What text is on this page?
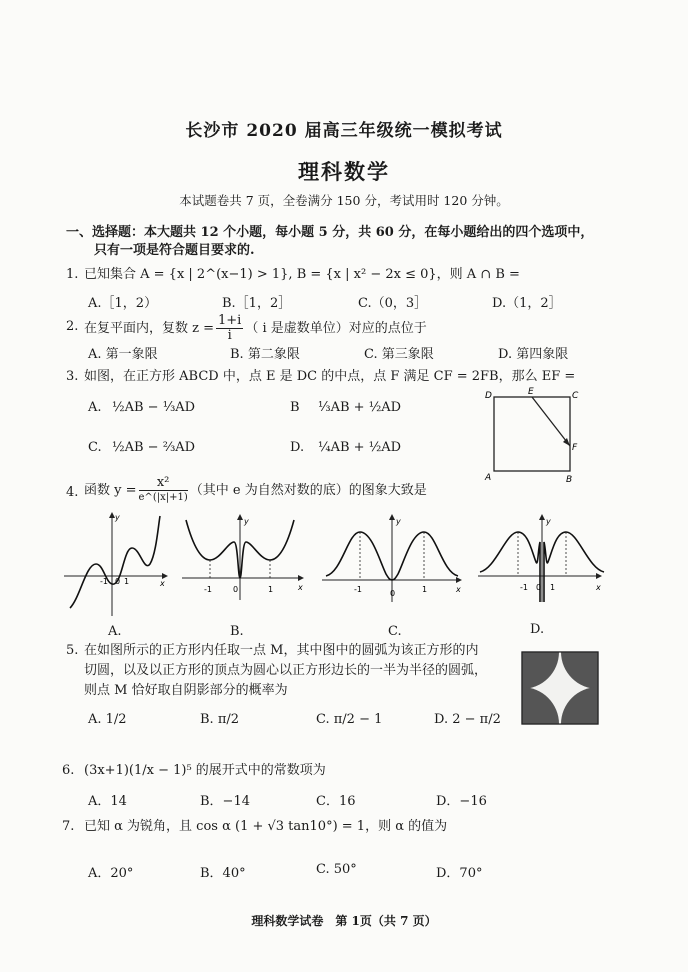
长沙市 2020 届高三年级统一模拟考试
理科数学
本试题卷共 7 页，全卷满分 150 分，考试用时 120 分钟。
一、选择题：本大题共 12 个小题，每小题 5 分，共 60 分，在每小题给出的四个选项中，
只有一项是符合题目要求的.
1. 已知集合 A = {x | 2^(x−1) > 1}, B = {x | x² − 2x ≤ 0}，则 A ∩ B =
A.［1，2）	B.［1，2］	C.（0，3］	D.（1，2］
2. 在复平面内，复数 $z = \frac{1+i}{i}$ （ i 是虚数单位）对应的点位于
A. 第一象限	B. 第二象限	C. 第三象限	D. 第四象限
3. 如图，在正方形 ABCD 中，点 E 是 DC 的中点，点 F 满足 CF = 2FB，那么 EF =
A. ½AB − ⅓AD	B ⅓AB + ½AD
C. ½AB − ⅔AD	D. ¼AB + ½AD
D	E	C
F
A	B
4. 函数 $y = \frac{\text{x²}}{e\^{}(|x|+1)}$ （其中 e 为自然对数的底）的图象大致是
-1 0 1	x
y
A.
-1	0	1	x
y
B.
-1	0	1	x
y
C.
-1 0 1	x
y
D.
5. 在如图所示的正方形内任取一点 M，其中图中的圆弧为该正方形的内
切圆，以及以正方形的顶点为圆心以正方形边长的一半为半径的圆弧，
则点 M 恰好取自阴影部分的概率为
A. 1/2	B. π/2	C. π/2 − 1	D. 2 − π/2
6. (3x+1)(1/x − 1)⁵ 的展开式中的常数项为
A．14	B．−14	C．16	D．−16
7. 已知 α 为锐角，且 cos α (1 + √3 tan10°) = 1，则 α 的值为
A．20°	B．40°	C. 50°	D．70°
理科数学试卷　第 1页（共 7 页）
